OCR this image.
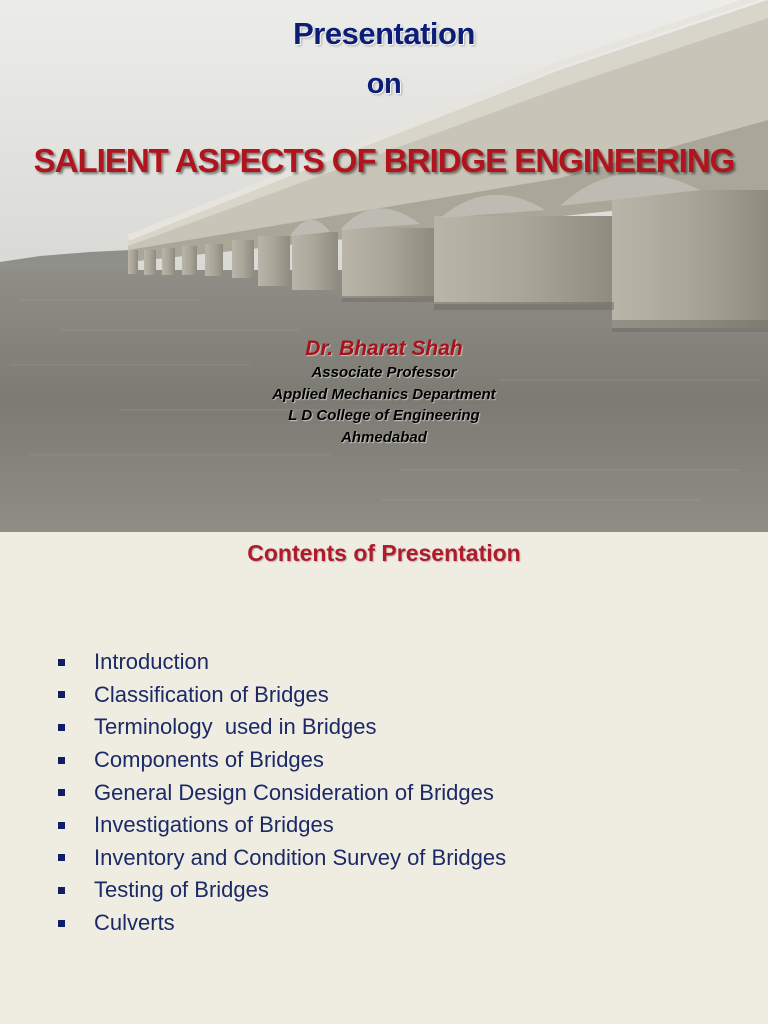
Presentation
on
SALIENT ASPECTS OF BRIDGE ENGINEERING
Dr. Bharat Shah
Associate Professor
Applied Mechanics Department
L D College of Engineering
Ahmedabad
Contents of Presentation
Introduction
Classification of Bridges
Terminology  used in Bridges
Components of Bridges
General Design Consideration of Bridges
Investigations of Bridges
Inventory and Condition Survey of Bridges
Testing of Bridges
Culverts
